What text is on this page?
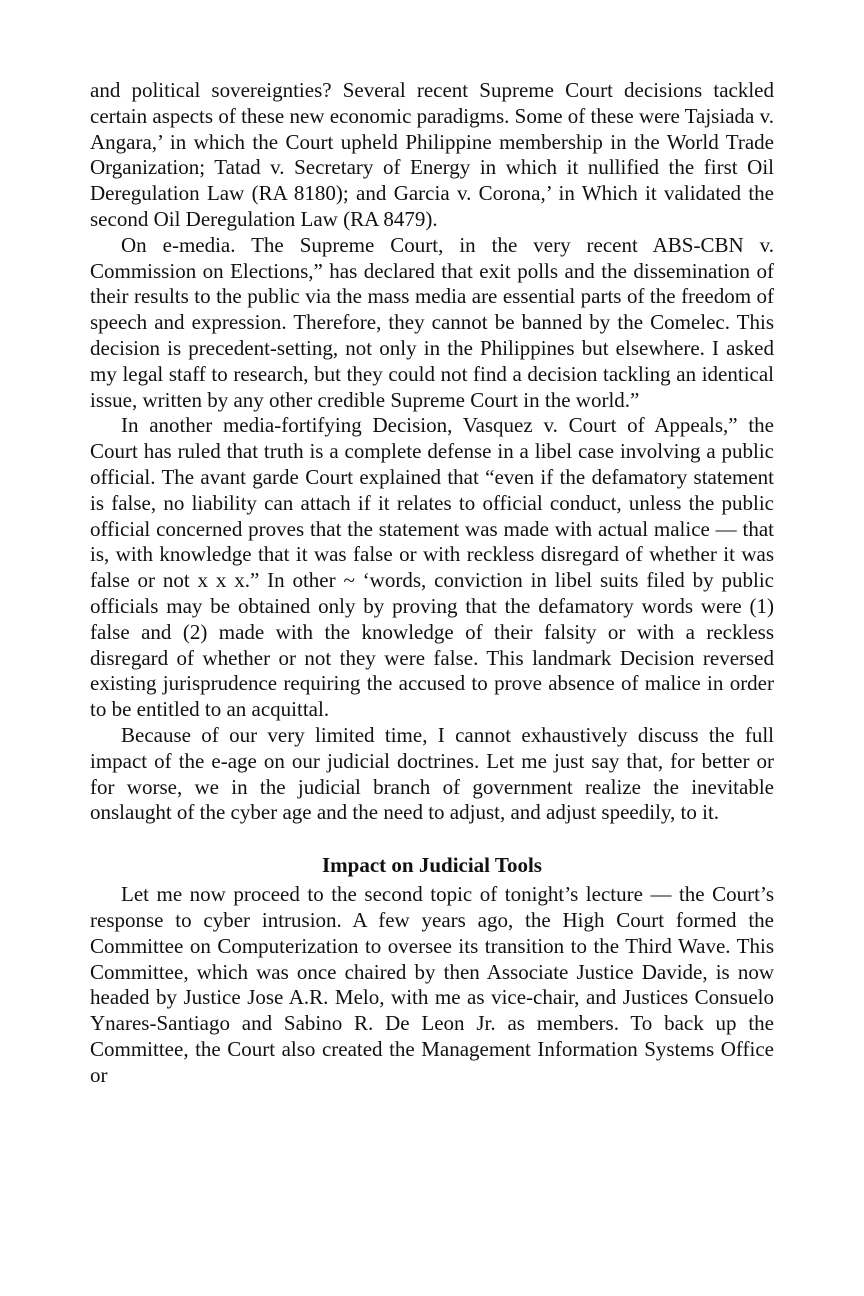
and political sovereignties? Several recent Supreme Court decisions tackled certain aspects of these new economic paradigms. Some of these were Tajsiada v. Angara,’ in which the Court upheld Philippine membership in the World Trade Organization; Tatad v. Secretary of Energy in which it nullified the first Oil Deregulation Law (RA 8180); and Garcia v. Corona,’ in Which it validated the second Oil Deregulation Law (RA 8479).

On e-media. The Supreme Court, in the very recent ABS-CBN v. Commission on Elections,” has declared that exit polls and the dissemination of their results to the public via the mass media are essential parts of the freedom of speech and expression. Therefore, they cannot be banned by the Comelec. This decision is precedent-setting, not only in the Philippines but elsewhere. I asked my legal staff to research, but they could not find a decision tackling an identical issue, written by any other credible Supreme Court in the world.”

In another media-fortifying Decision, Vasquez v. Court of Appeals,” the Court has ruled that truth is a complete defense in a libel case involving a public official. The avant garde Court explained that “even if the defamatory statement is false, no liability can attach if it relates to official conduct, unless the public official concerned proves that the statement was made with actual malice — that is, with knowledge that it was false or with reckless disregard of whether it was false or not x x x.” In other ~ ‘words, conviction in libel suits filed by public officials may be obtained only by proving that the defamatory words were (1) false and (2) made with the knowledge of their falsity or with a reckless disregard of whether or not they were false. This landmark Decision reversed existing jurisprudence requiring the accused to prove absence of malice in order to be entitled to an acquittal.

Because of our very limited time, I cannot exhaustively discuss the full impact of the e-age on our judicial doctrines. Let me just say that, for better or for worse, we in the judicial branch of government realize the inevitable onslaught of the cyber age and the need to adjust, and adjust speedily, to it.

Impact on Judicial Tools

Let me now proceed to the second topic of tonight’s lecture — the Court’s response to cyber intrusion. A few years ago, the High Court formed the Committee on Computerization to oversee its transition to the Third Wave. This Committee, which was once chaired by then Associate Justice Davide, is now headed by Justice Jose A.R. Melo, with me as vice-chair, and Justices Consuelo Ynares-Santiago and Sabino R. De Leon Jr. as members. To back up the Committee, the Court also created the Management Information Systems Office or
